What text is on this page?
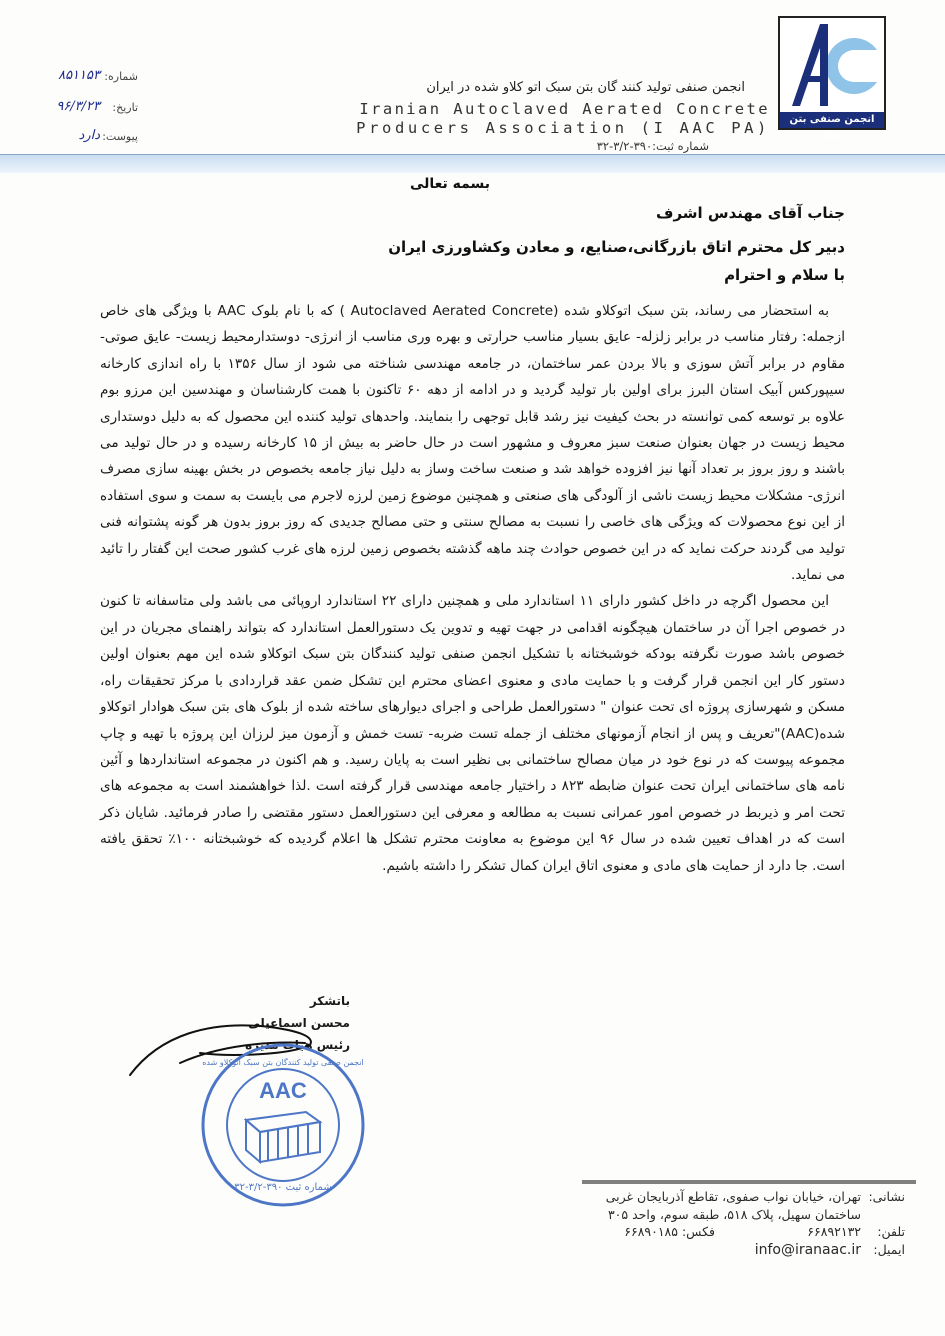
انجمن صنفی بتن سبک
انجمن صنفی تولید کنند گان بتن سبک اتو کلاو شده در ایران
Iranian Autoclaved Aerated Concrete
Producers Association (I AAC PA)
شماره ثبت:۳۹۰-۳/۲-۳۲
شماره:
۸۵۱۱۵۳
تاریخ:
۹۶/۳/۲۳
پیوست:
دارد
بسمه تعالی
جناب آقای مهندس اشرف
دبیر کل محترم اتاق بازرگانی،صنایع، و معادن وکشاورزی ایران
با سلام و احترام

به استحضار می رساند، بتن سبک اتوکلاو شده (Autoclaved Aerated Concrete ) که با نام بلوک AAC با ویژگی های خاص ازجمله: رفتار مناسب در برابر زلزله- عایق بسیار مناسب حرارتی و بهره وری مناسب از انرژی- دوستدارمحیط زیست- عایق صوتی- مقاوم در برابر آتش سوزی و بالا بردن عمر ساختمان، در جامعه مهندسی شناخته می شود از سال ۱۳۵۶ با راه اندازی کارخانه سیپورکس آبیک استان البرز برای اولین بار تولید گردید و در ادامه از دهه ۶۰ تاکنون با همت کارشناسان و مهندسین این مرزو بوم علاوه بر توسعه کمی توانسته در بحث کیفیت نیز رشد قابل توجهی را بنمایند. واحدهای تولید کننده این محصول که به دلیل دوستداری محیط زیست در جهان بعنوان صنعت سبز معروف و مشهور است در حال حاضر به بیش از ۱۵ کارخانه رسیده و در حال تولید می باشند و روز بروز بر تعداد آنها نیز افزوده خواهد شد و صنعت ساخت وساز به دلیل نیاز جامعه بخصوص در بخش بهینه سازی مصرف انرژی- مشکلات محیط زیست ناشی از آلودگی های صنعتی و همچنین موضوع زمین لرزه لاجرم می بایست به سمت و سوی استفاده از این نوع محصولات که ویژگی های خاصی را نسبت به مصالح سنتی و حتی مصالح جدیدی که روز بروز بدون هر گونه پشتوانه فنی تولید می گردند حرکت نماید که در این خصوص حوادث چند ماهه گذشته بخصوص زمین لرزه های غرب کشور صحت این گفتار را تائید می نماید.

این محصول اگرچه در داخل کشور دارای ۱۱ استاندارد ملی و همچنین دارای ۲۲ استاندارد اروپائی می باشد ولی متاسفانه تا کنون در خصوص اجرا آن در ساختمان هیچگونه اقدامی در جهت تهیه و تدوین یک دستورالعمل استاندارد که بتواند راهنمای مجریان در این خصوص باشد صورت نگرفته بودکه خوشبختانه با تشکیل انجمن صنفی تولید کنندگان بتن سبک اتوکلاو شده این مهم بعنوان اولین دستور کار این انجمن قرار گرفت و با حمایت مادی و معنوی اعضای محترم این تشکل ضمن عقد قراردادی با مرکز تحقیقات راه، مسکن و شهرسازی پروژه ای تحت عنوان " دستورالعمل طراحی و اجرای دیوارهای ساخته شده از بلوک های بتن سبک هوادار اتوکلاو شده(AAC)"تعریف و پس از انجام آزمونهای مختلف از جمله تست ضربه- تست خمش و آزمون میز لرزان این پروژه با تهیه و چاپ مجموعه پیوست که در نوع خود در میان مصالح ساختمانی بی نظیر است به پایان رسید. و هم اکنون در مجموعه استانداردها و آئین نامه های ساختمانی ایران تحت عنوان ضابطه ۸۲۳ د راختیار جامعه مهندسی قرار گرفته است .لذا خواهشمند است به مجموعه های تحت امر و ذیربط در خصوص امور عمرانی نسبت به مطالعه و معرفی این دستورالعمل دستور مقتضی را صادر فرمائید. شایان ذکر است که در اهداف تعیین شده در سال ۹۶ این موضوع به معاونت محترم تشکل ها اعلام گردیده که خوشبختانه ۱۰۰٪ تحقق یافته است. جا دارد از حمایت های مادی و معنوی اتاق ایران کمال تشکر را داشته باشیم.

باتشکر
محسن اسماعیلی
رئیس هیات مدیره
AAC
شماره ثبت ۳۹۰-۳/۲-۳۲
انجمن صنفی تولید کنندگان بتن سبک اتوکلاو شده
نشانی: تهران، خیابان نواب صفوی، تقاطع آذربایجان غربی
ساختمان سهیل، پلاک ۵۱۸، طبقه سوم، واحد ۳۰۵
تلفن: ۶۶۸۹۲۱۳۲
فکس: ۶۶۸۹۰۱۸۵
ایمیل: info@iranaac.ir
